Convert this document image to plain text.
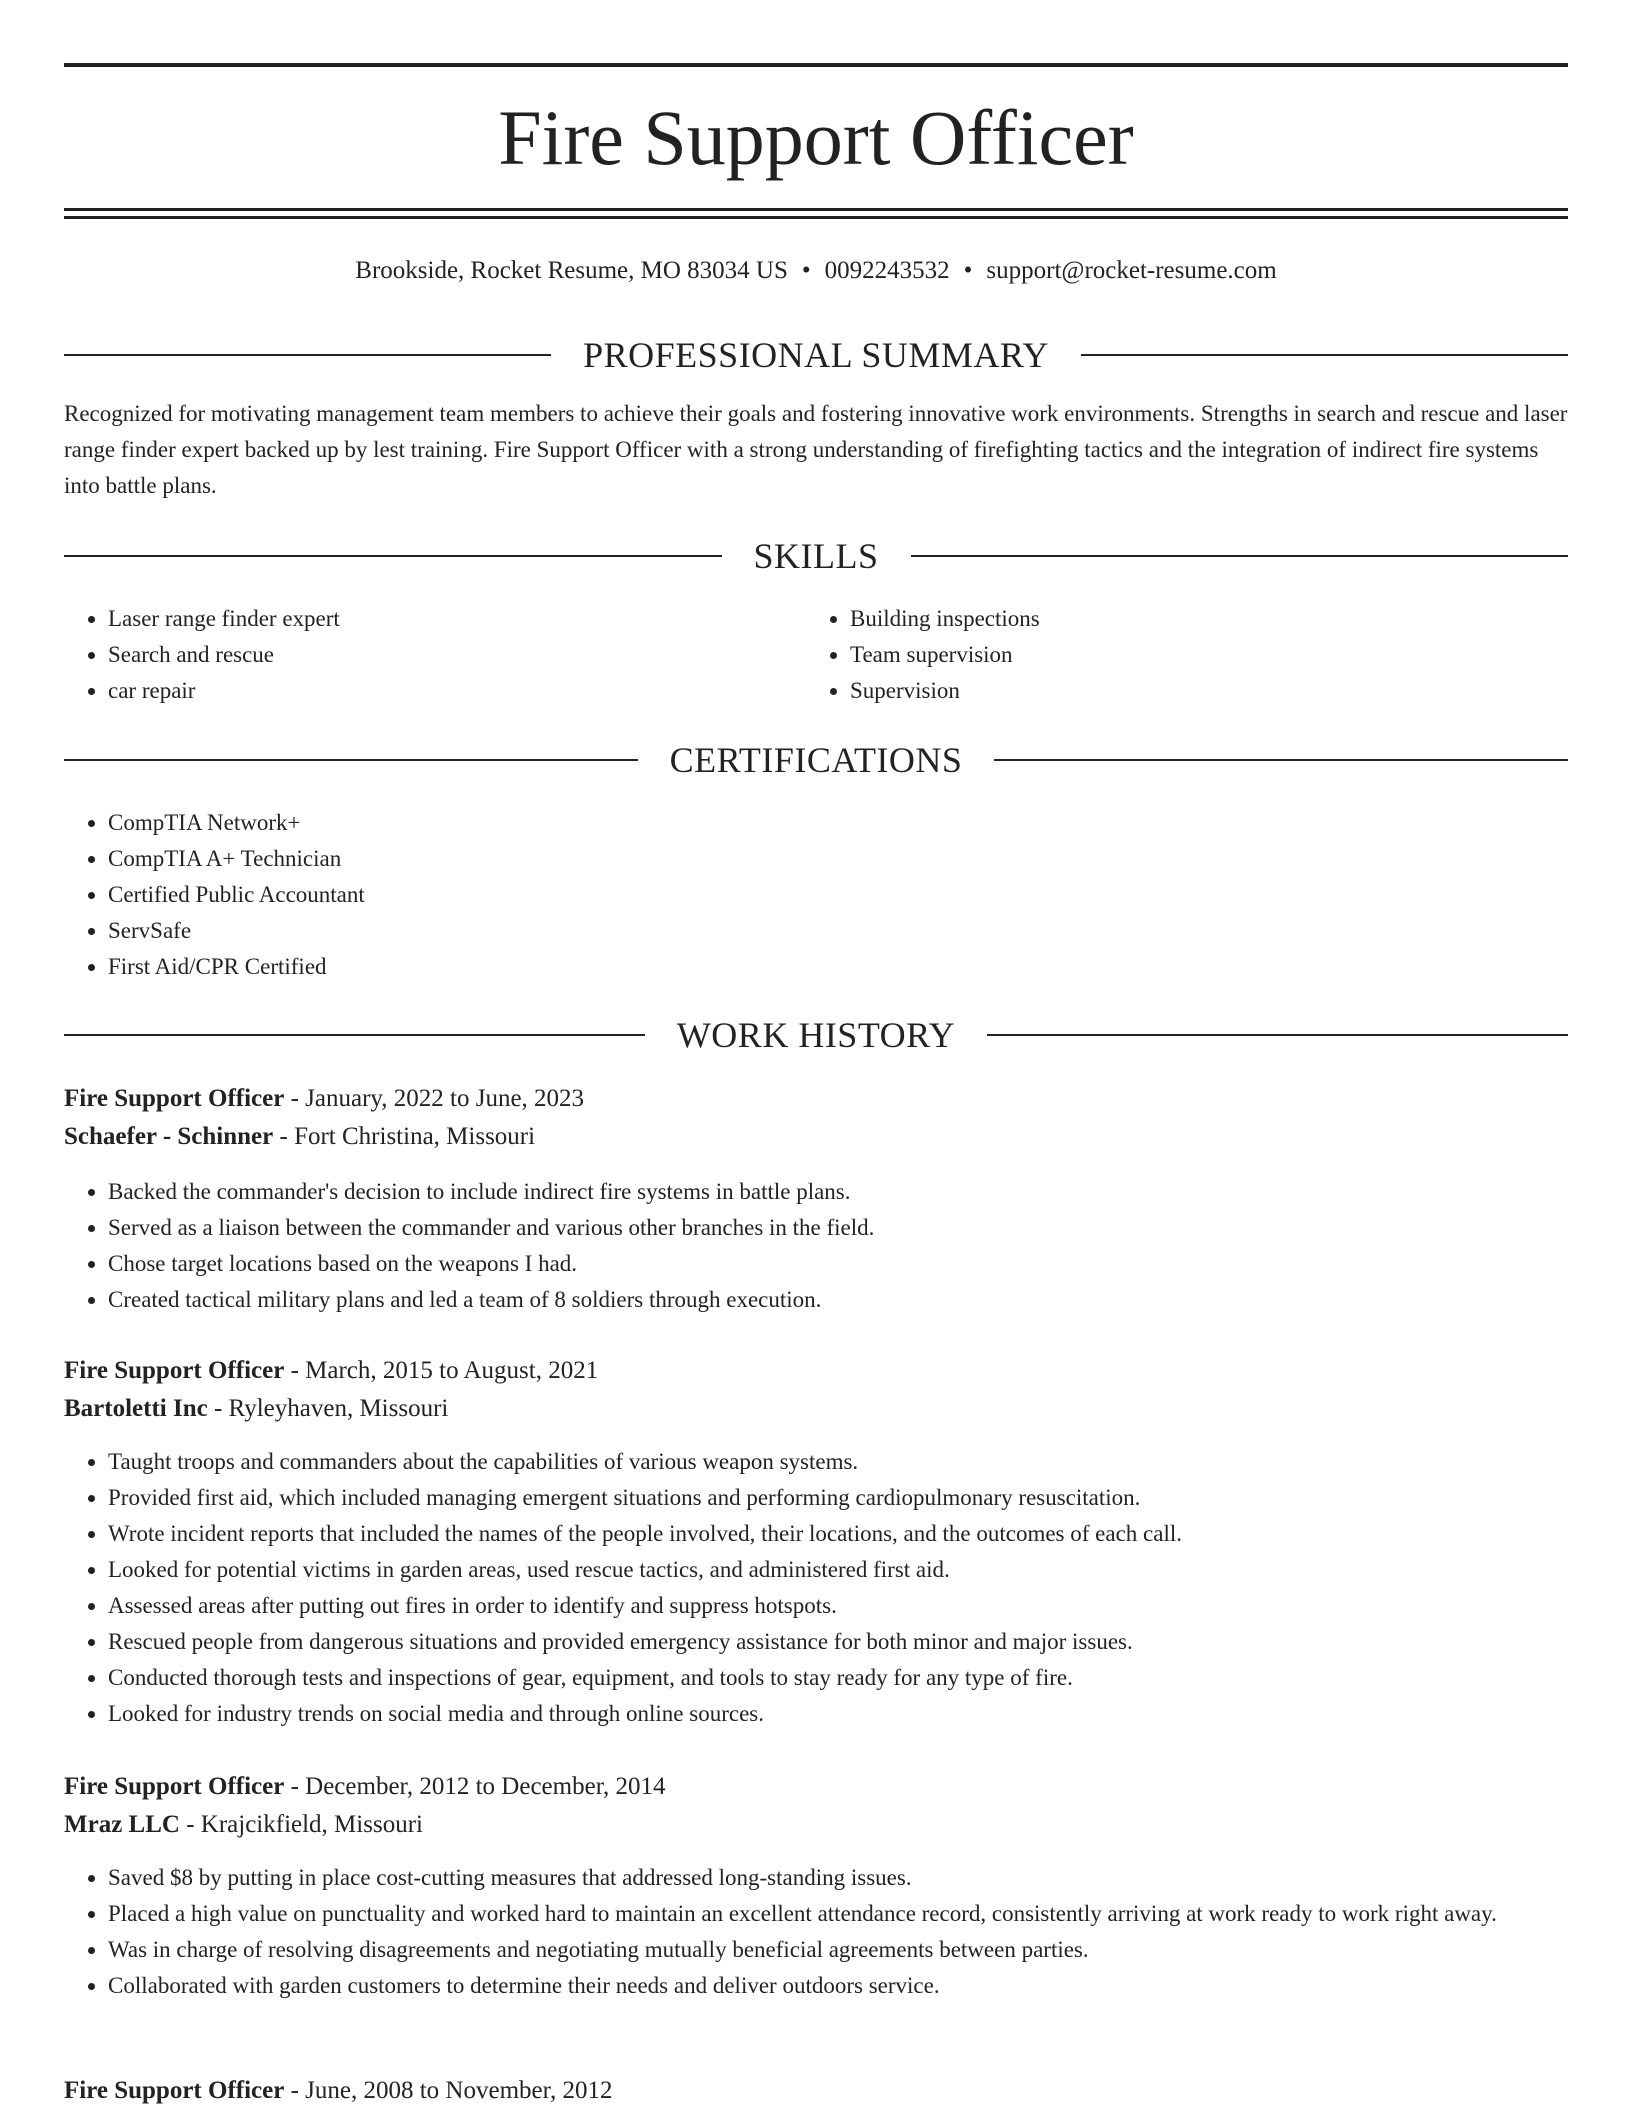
Fire Support Officer
Brookside, Rocket Resume, MO 83034 US • 0092243532 • support@rocket-resume.com
PROFESSIONAL SUMMARY

Recognized for motivating management team members to achieve their goals and fostering innovative work environments. Strengths in search and rescue and laser range finder expert backed up by lest training. Fire Support Officer with a strong understanding of firefighting tactics and the integration of indirect fire systems into battle plans.

SKILLS
• Laser range finder expert
• Search and rescue
• car repair
• Building inspections
• Team supervision
• Supervision
CERTIFICATIONS
• CompTIA Network+
• CompTIA A+ Technician
• Certified Public Accountant
• ServSafe
• First Aid/CPR Certified
WORK HISTORY
Fire Support Officer - January, 2022 to June, 2023
Schaefer - Schinner - Fort Christina, Missouri
• Backed the commander's decision to include indirect fire systems in battle plans.
• Served as a liaison between the commander and various other branches in the field.
• Chose target locations based on the weapons I had.
• Created tactical military plans and led a team of 8 soldiers through execution.
Fire Support Officer - March, 2015 to August, 2021
Bartoletti Inc - Ryleyhaven, Missouri
• Taught troops and commanders about the capabilities of various weapon systems.
• Provided first aid, which included managing emergent situations and performing cardiopulmonary resuscitation.
• Wrote incident reports that included the names of the people involved, their locations, and the outcomes of each call.
• Looked for potential victims in garden areas, used rescue tactics, and administered first aid.
• Assessed areas after putting out fires in order to identify and suppress hotspots.
• Rescued people from dangerous situations and provided emergency assistance for both minor and major issues.
• Conducted thorough tests and inspections of gear, equipment, and tools to stay ready for any type of fire.
• Looked for industry trends on social media and through online sources.
Fire Support Officer - December, 2012 to December, 2014
Mraz LLC - Krajcikfield, Missouri
• Saved $8 by putting in place cost-cutting measures that addressed long-standing issues.
• Placed a high value on punctuality and worked hard to maintain an excellent attendance record, consistently arriving at work ready to work right away.
• Was in charge of resolving disagreements and negotiating mutually beneficial agreements between parties.
• Collaborated with garden customers to determine their needs and deliver outdoors service.
Fire Support Officer - June, 2008 to November, 2012
